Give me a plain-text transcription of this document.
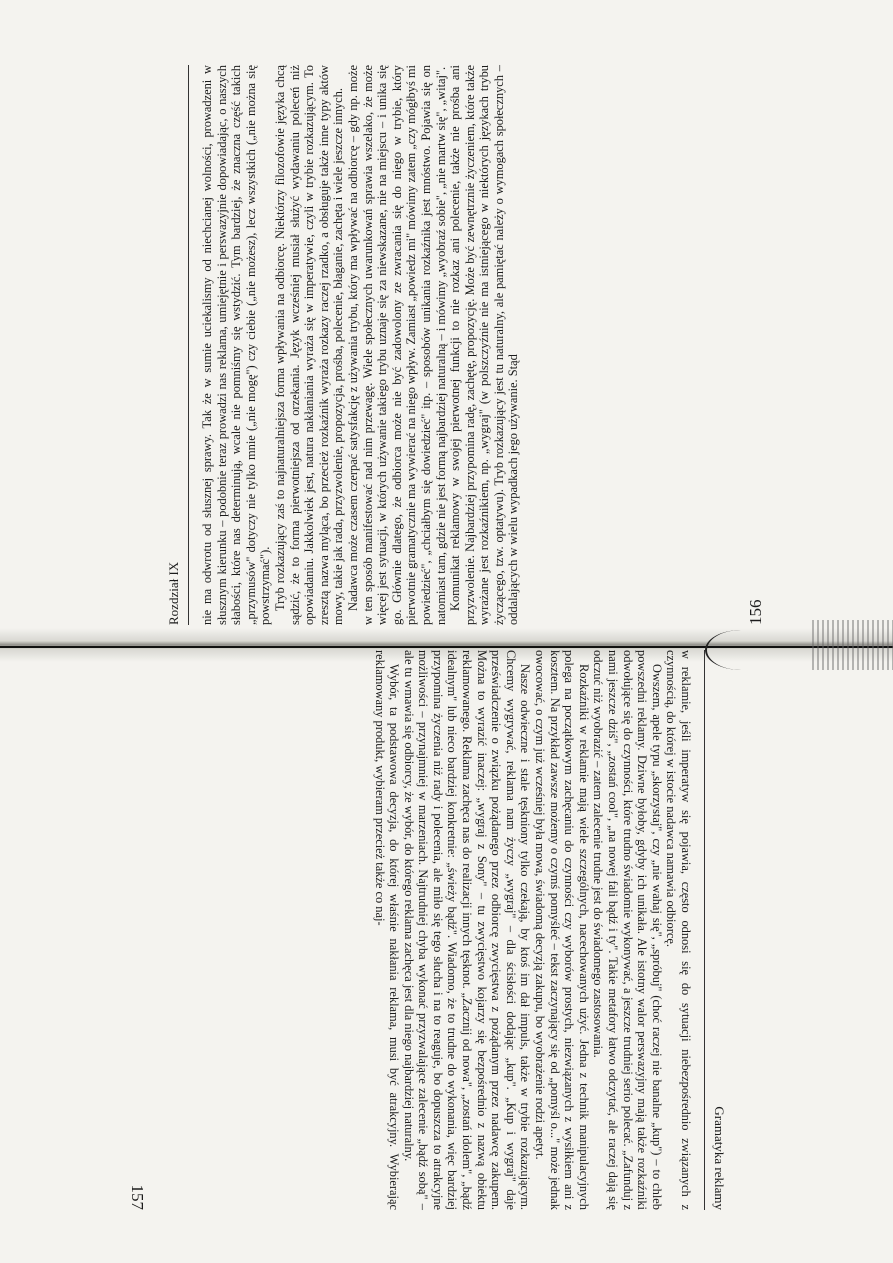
Rozdział IX	nie ma odwrotu od słusznej sprawy. Tak że w sumie uciekalismy od niechcianej wolności, prowadzeni w słusznym kierunku – podobnie teraz prowadzi nas reklama, umiejętnie i perswazyjnie dopowiadając, o naszych słabości, które nas determinują, wcale nie pomniśmy się wstydzić. Tym bardziej, że znaczna część takich „przymusów" dotyczy nie tylko mnie („nie mogę") czy ciebie („nie możesz), lecz wszystkich („nie można się powstrzymać"). Tryb rozkazujący zaś to najnaturalniejsza forma wpływania na odbiorcę. Niektórzy filozofowie języka chcą sądzić, że to forma pierwotniejsza od orzekania. Język wcześniej musiał służyć wydawaniu poleceń niż opowiadaniu. Jakkolwiek jest, natura nakłaniania wyraża się w imperatywie, czyli w trybie rozkazującym. To zresztą nazwa myląca, bo przecież rozkaźnik wyraża rozkazy raczej rzadko, a obsługuje także inne typy aktów mowy, takie jak rada, przyzwolenie, propozycja, prośba, polecenie, błaganie, zachęta i wiele jeszcze innych. Nadawca może czasem czerpać satysfakcję z używania trybu, który ma wpływać na odbiorcę – gdy np. może w ten sposób manifestować nad nim przewagę. Wiele społecznych uwarunkowań sprawia wszelako, że może więcej jest sytuacji, w których używanie takiego trybu uznaje się za niewskazane, nie na miejscu – i unika się go. Głównie dlatego, że odbiorca może nie być zadowolony ze zwracania się do niego w trybie, który pierwotnie gramatycznie ma wywierać na niego wpływ. Zamiast „powiedz mi" mówimy zatem „czy mógłbyś mi powiedzieć", „chciałbym się dowiedzieć" itp. – sposobów unikania rozkaźnika jest mnóstwo. Pojawia się on natomiast tam, gdzie nie jest formą najbardziej naturalną – i mówimy „wyobraź sobie", „nie martw się", „witaj". Komunikat reklamowy w swojej pierwotnej funkcji to nie rozkaz ani polecenie, także nie prośba ani przyzwolenie. Najbardziej przypomina radę, zachętę, propozycję. Może być zewnętrznie życzeniem, które także wyrażane jest rozkaźnikiem, np. „wygraj" (w polszczyźnie nie ma istniejącego w niektórych językach trybu życzącego, tzw. optatywu). Tryb rozkazujący jest tu naturalny, ale pamiętać należy o wymogach społecznych – oddalających w wielu wypadkach jego używanie. Stąd	156
Gramatyka reklamy

w reklamie, jeśli imperatyw się pojawia, często odnosi się do sytuacji niebezpośrednio związanych z czynnością, do której w istocie nadawca namawia odbiorcę.

Owszem, apele typu „skorzystaj", czy „nie wahaj się", „spróbuj" (choć raczej nie banalne „kup") – to chleb powszedni reklamy. Dziwne byłoby, gdyby ich unikała. Ale istotny walor perswazyjny mają także rozkaźniki odwołujące się do czynności, które trudno świadomie wykonywać, a jeszcze trudniej serio polecać. „Zafunduj z nami jeszcze dziś", „zostań cool", „na nowej fali bądź i ty". Takie metafory łatwo odczytać, ale raczej dają się odczuć niż wyobrazić – zatem zalecenie trudne jest do świadomego zastosowania.

Rozkaźniki w reklamie mają wiele szczególnych, nacechowanych użyć. Jedna z technik manipulacyjnych polega na początkowym zachęcaniu do czynności czy wyborów prostych, niezwiązanych z wysiłkiem ani z kosztem. Na przykład zawsze możemy o czymś pomyśleć – tekst zaczynający się od „pomyśl o..." może jednak owocować, o czym już wcześniej była mowa, świadomą decyzją zakupu, bo wyobrażenie rodzi apetyt.

Nasze odwieczne i stale tęskniony tylko czekają, by ktoś im dał impuls, także w trybie rozkazującym. Chcemy wygrywać, reklama nam życzy „wygraj" – dla ścisłości dodając „kup". „Kup i wygraj" daje przeświadczenie o związku pożądanego przez odbiorcę zwycięstwa z pożądanym przez nadawcę zakupem. Można to wyrazić inaczej: „wygraj z Sony" – tu zwycięstwo kojarzy się bezpośrednio z nazwą obiektu reklamowanego. Reklama zachęca nas do realizacji innych tęsknot. „Zacznij od nowa", „zostań idolem", „bądź idealnym" lub nieco bardziej konkretnie: „świeży bądź". Wiadomo, że to trudne do wykonania, więc bardziej przypomina życzenia niż rady i polecenia, ale miło się tego słucha i na to reaguje, bo dopuszcza to atrakcyjne możliwości – przynajmniej w marzeniach. Najtrudniej chyba wykonać przyzwalające zalecenie „bądź sobą" – ale tu wmawia się odbiorcy, że wybór, do którego reklama zachęca jest dla niego najbardziej naturalny.

Wybór, ta podstawowa decyzja, do której właśnie nakłania reklama, musi być atrakcyjny. Wybierając reklamowany produkt, wybieram przecież także co naj-

157
